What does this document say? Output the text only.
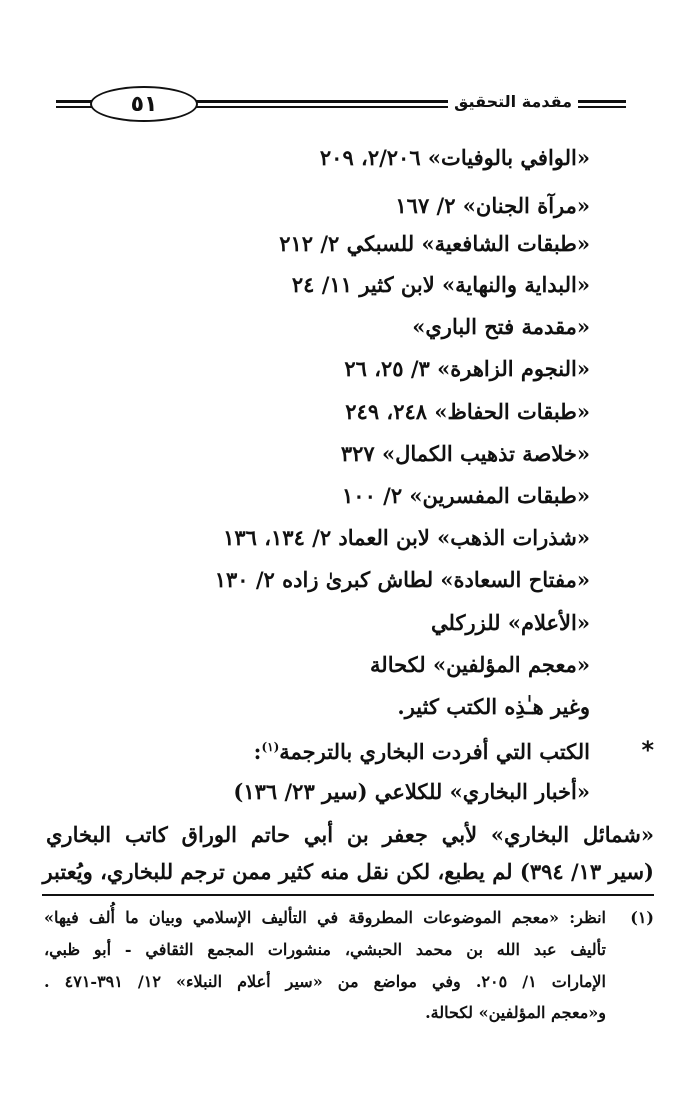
٥١	مقدمة التحقيق
«الوافي بالوفيات» ٢/٢٠٦، ٢٠٩
«مرآة الجنان» ٢/ ١٦٧
«طبقات الشافعية» للسبكي ٢/ ٢١٢
«البداية والنهاية» لابن كثير ١١/ ٢٤
«مقدمة فتح الباري»
«النجوم الزاهرة» ٣/ ٢٥، ٢٦
«طبقات الحفاظ» ٢٤٨، ٢٤٩
«خلاصة تذهيب الكمال» ٣٢٧
«طبقات المفسرين» ٢/ ١٠٠
«شذرات الذهب» لابن العماد ٢/ ١٣٤، ١٣٦
«مفتاح السعادة» لطاش كبرىٰ زاده ٢/ ١٣٠
«الأعلام» للزركلي
«معجم المؤلفين» لكحالة
وغير هـٰذِه الكتب كثير.
*
الكتب التي أفردت البخاري بالترجمة$^{(١)}$:
«أخبار البخاري» للكلاعي (سير ٢٣/ ١٣٦)
«شمائل البخاري» لأبي جعفر بن أبي حاتم الوراق كاتب البخاري
(سير ١٣/ ٣٩٤) لم يطبع، لكن نقل منه كثير ممن ترجم للبخاري، ويُعتبر
(١)
انظر: «معجم الموضوعات المطروقة في التأليف الإسلامي وبيان ما أُلف فيها»
تأليف عبد الله بن محمد الحبشي، منشورات المجمع الثقافي - أبو ظبي،
الإمارات ١/ ٢٠٥. وفي مواضع من «سير أعلام النبلاء» ١٢/ ٣٩١-٤٧١ .
و«معجم المؤلفين» لكحالة.
